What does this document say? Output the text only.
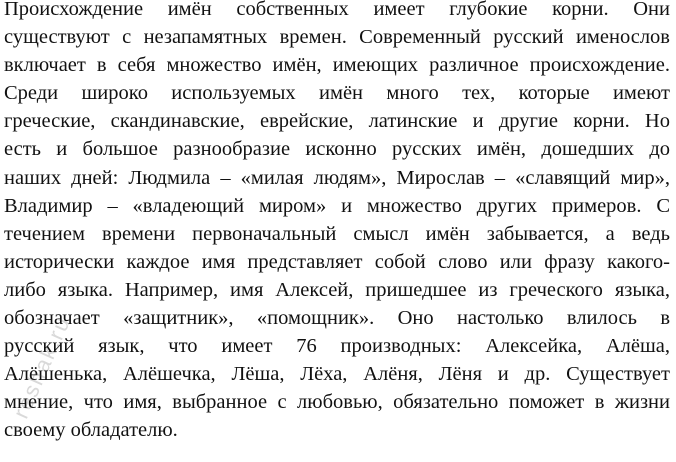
Происхождение имён собственных имеет глубокие корни. Они
существуют с незапамятных времен. Современный русский именослов
включает в себя множество имён, имеющих различное происхождение.
Среди широко используемых имён много тех, которые имеют
греческие, скандинавские, еврейские, латинские и другие корни. Но
есть и большое разнообразие исконно русских имён, дошедших до
наших дней: Людмила – «милая людям», Мирослав – «славящий мир»,
Владимир – «владеющий миром» и множество других примеров. С
течением времени первоначальный смысл имён забывается, а ведь
исторически каждое имя представляет собой слово или фразу какого-
либо языка. Например, имя Алексей, пришедшее из греческого языка,
обозначает «защитник», «помощник». Оно настолько влилось в
русский язык, что имеет 76 производных: Алексейка, Алёша,
Алёшенька, Алёшечка, Лёша, Лёха, Алёня, Лёня и др. Существует
мнение, что имя, выбранное с любовью, обязательно поможет в жизни
своему обладателю.
reshak.ru
